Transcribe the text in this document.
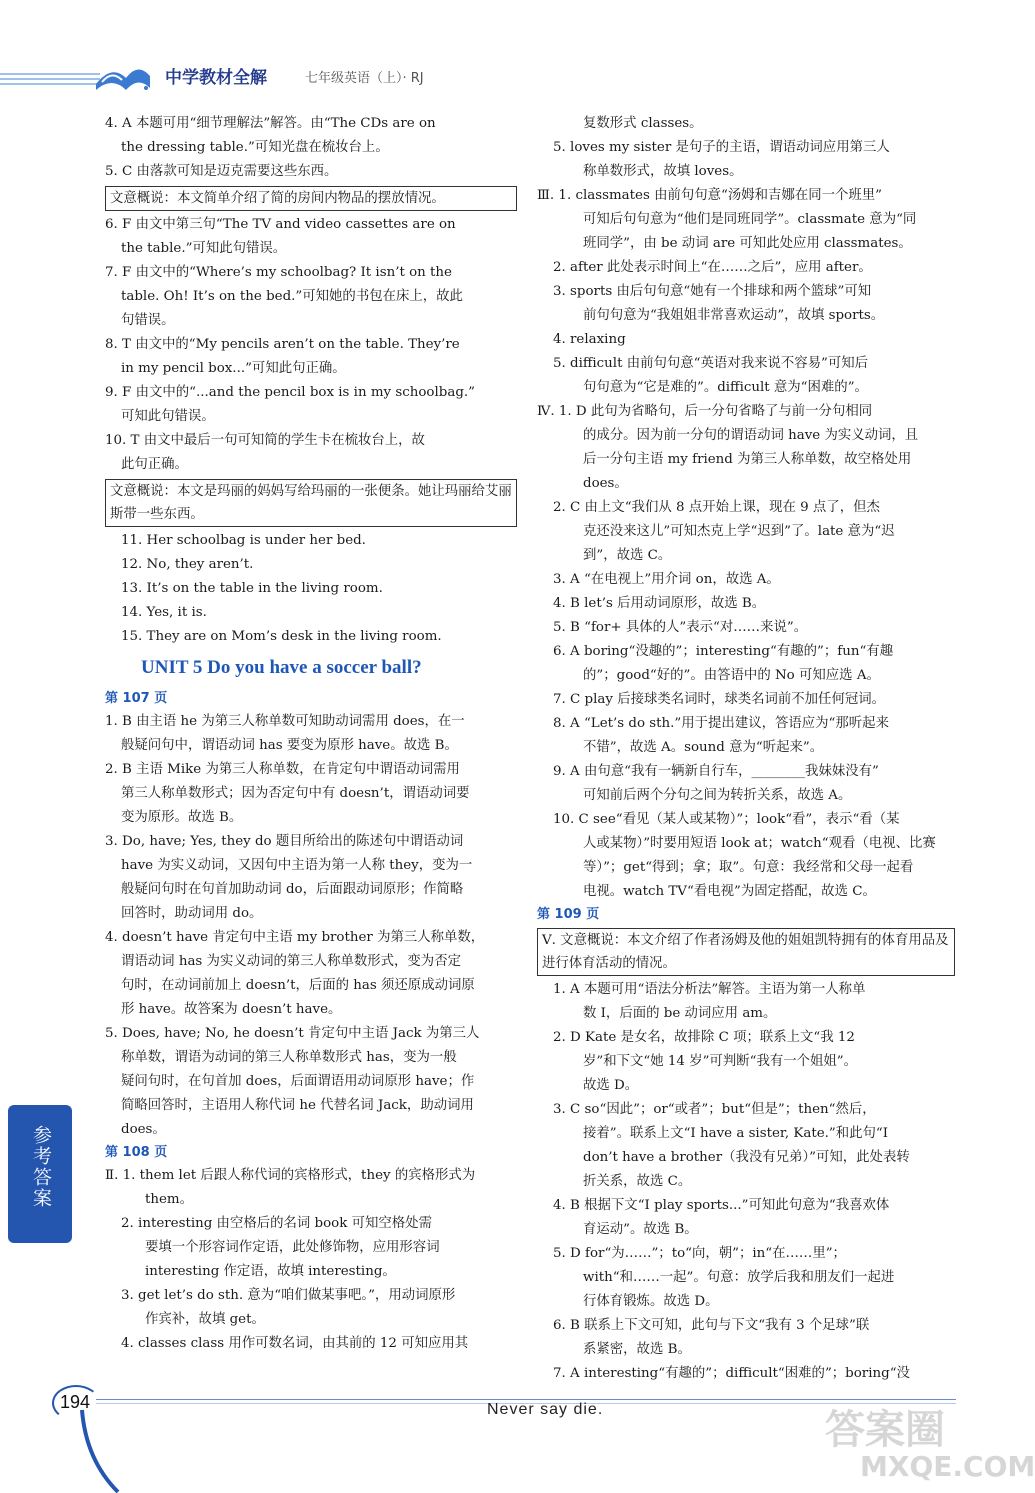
中学教材全解	七年级英语（上）· RJ
4. A 本题可用“细节理解法”解答。由“The CDs are on
the dressing table.”可知光盘在梳妆台上。
5. C 由落款可知是迈克需要这些东西。
文意概说：本文简单介绍了简的房间内物品的摆放情况。
6. F 由文中第三句“The TV and video cassettes are on
the table.”可知此句错误。
7. F 由文中的“Where’s my schoolbag? It isn’t on the
table. Oh! It’s on the bed.”可知她的书包在床上，故此
句错误。
8. T 由文中的“My pencils aren’t on the table. They’re
in my pencil box...”可知此句正确。
9. F 由文中的“...and the pencil box is in my schoolbag.”
可知此句错误。
10. T 由文中最后一句可知简的学生卡在梳妆台上，故
此句正确。
文意概说：本文是玛丽的妈妈写给玛丽的一张便条。她让玛丽给艾丽斯带一些东西。
11. Her schoolbag is under her bed.
12. No, they aren’t.
13. It’s on the table in the living room.
14. Yes, it is.
15. They are on Mom’s desk in the living room.
UNIT 5 Do you have a soccer ball?
第 107 页
1. B 由主语 he 为第三人称单数可知助动词需用 does，在一
般疑问句中，谓语动词 has 要变为原形 have。故选 B。
2. B 主语 Mike 为第三人称单数，在肯定句中谓语动词需用
第三人称单数形式；因为否定句中有 doesn’t，谓语动词要
变为原形。故选 B。
3. Do, have; Yes, they do 题目所给出的陈述句中谓语动词
have 为实义动词，又因句中主语为第一人称 they，变为一
般疑问句时在句首加助动词 do，后面跟动词原形；作简略
回答时，助动词用 do。
4. doesn’t have 肯定句中主语 my brother 为第三人称单数，
谓语动词 has 为实义动词的第三人称单数形式，变为否定
句时，在动词前加上 doesn’t，后面的 has 须还原成动词原
形 have。故答案为 doesn’t have。
5. Does, have; No, he doesn’t 肯定句中主语 Jack 为第三人
称单数，谓语为动词的第三人称单数形式 has，变为一般
疑问句时，在句首加 does，后面谓语用动词原形 have；作
简略回答时，主语用人称代词 he 代替名词 Jack，助动词用
does。
第 108 页
Ⅱ. 1. them let 后跟人称代词的宾格形式，they 的宾格形式为
them。
2. interesting 由空格后的名词 book 可知空格处需
要填一个形容词作定语，此处修饰物，应用形容词
interesting 作定语，故填 interesting。
3. get let’s do sth. 意为“咱们做某事吧。”，用动词原形
作宾补，故填 get。
4. classes class 用作可数名词，由其前的 12 可知应用其
复数形式 classes。
5. loves my sister 是句子的主语，谓语动词应用第三人
称单数形式，故填 loves。
Ⅲ. 1. classmates 由前句句意“汤姆和吉娜在同一个班里”
可知后句句意为“他们是同班同学”。classmate 意为“同
班同学”，由 be 动词 are 可知此处应用 classmates。
2. after 此处表示时间上“在……之后”，应用 after。
3. sports 由后句句意“她有一个排球和两个篮球”可知
前句句意为“我姐姐非常喜欢运动”，故填 sports。
4. relaxing
5. difficult 由前句句意“英语对我来说不容易”可知后
句句意为“它是难的”。difficult 意为“困难的”。
Ⅳ. 1. D 此句为省略句，后一分句省略了与前一分句相同
的成分。因为前一分句的谓语动词 have 为实义动词，且
后一分句主语 my friend 为第三人称单数，故空格处用
does。
2. C 由上文“我们从 8 点开始上课，现在 9 点了，但杰
克还没来这儿”可知杰克上学“迟到”了。late 意为“迟
到”，故选 C。
3. A “在电视上”用介词 on，故选 A。
4. B let’s 后用动词原形，故选 B。
5. B “for+ 具体的人”表示“对……来说”。
6. A boring“没趣的”；interesting“有趣的”；fun“有趣
的”；good“好的”。由答语中的 No 可知应选 A。
7. C play 后接球类名词时，球类名词前不加任何冠词。
8. A “Let’s do sth.”用于提出建议，答语应为“那听起来
不错”，故选 A。sound 意为“听起来”。
9. A 由句意“我有一辆新自行车，________我妹妹没有”
可知前后两个分句之间为转折关系，故选 A。
10. C see“看见（某人或某物）”；look“看”，表示“看（某
人或某物）”时要用短语 look at；watch“观看（电视、比赛
等）”；get“得到；拿；取”。句意：我经常和父母一起看
电视。watch TV“看电视”为固定搭配，故选 C。
第 109 页
Ⅴ. 文意概说：本文介绍了作者汤姆及他的姐姐凯特拥有的体育用品及进行体育活动的情况。
1. A 本题可用“语法分析法”解答。主语为第一人称单
数 I，后面的 be 动词应用 am。
2. D Kate 是女名，故排除 C 项；联系上文“我 12
岁”和下文“她 14 岁”可判断“我有一个姐姐”。
故选 D。
3. C so“因此”；or“或者”；but“但是”；then“然后，
接着”。联系上文“I have a sister, Kate.”和此句“I
don’t have a brother（我没有兄弟）”可知，此处表转
折关系，故选 C。
4. B 根据下文“I play sports...”可知此句意为“我喜欢体
育运动”。故选 B。
5. D for“为……”；to“向，朝”；in“在……里”；
with“和……一起”。句意：放学后我和朋友们一起进
行体育锻炼。故选 D。
6. B 联系上下文可知，此句与下文“我有 3 个足球”联
系紧密，故选 B。
7. A interesting“有趣的”；difficult“困难的”；boring“没
参考答案
194	Never say die.	答案圈
MXQE.COM
